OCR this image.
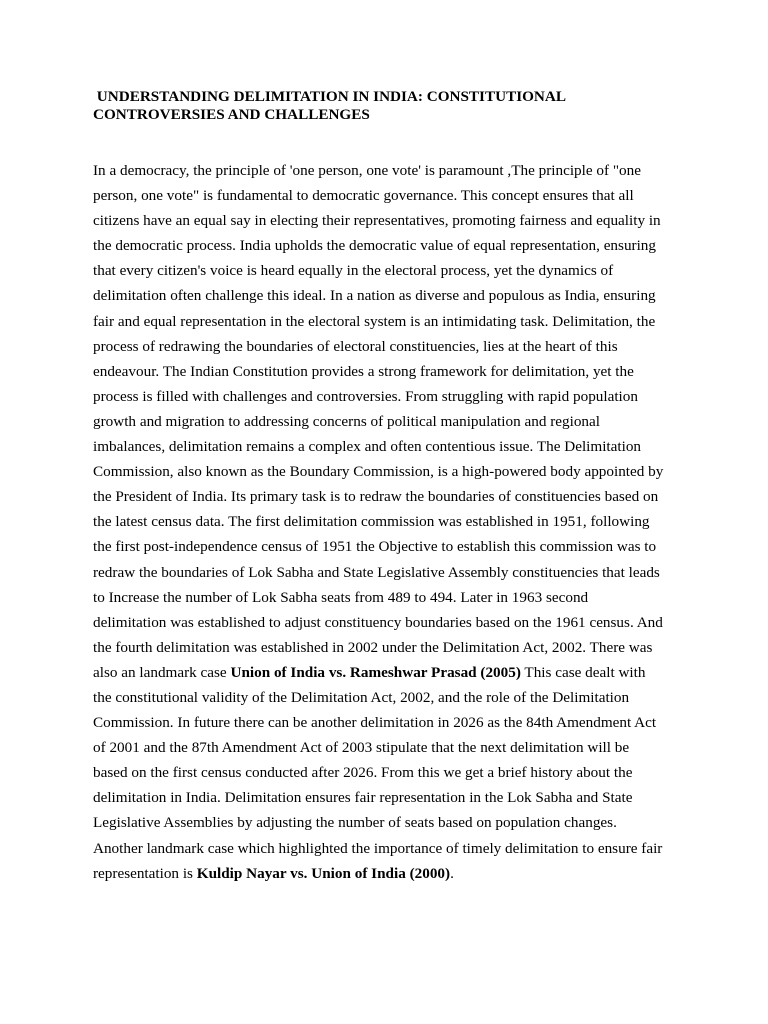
UNDERSTANDING DELIMITATION IN INDIA: CONSTITUTIONAL
CONTROVERSIES AND CHALLENGES

In a democracy, the principle of 'one person, one vote' is paramount ,The principle of "one
person, one vote" is fundamental to democratic governance. This concept ensures that all
citizens have an equal say in electing their representatives, promoting fairness and equality in
the democratic process. India upholds the democratic value of equal representation, ensuring
that every citizen's voice is heard equally in the electoral process, yet the dynamics of
delimitation often challenge this ideal. In a nation as diverse and populous as India, ensuring
fair and equal representation in the electoral system is an intimidating task. Delimitation, the
process of redrawing the boundaries of electoral constituencies, lies at the heart of this
endeavour. The Indian Constitution provides a strong framework for delimitation, yet the
process is filled with challenges and controversies. From struggling with rapid population
growth and migration to addressing concerns of political manipulation and regional
imbalances, delimitation remains a complex and often contentious issue. The Delimitation
Commission, also known as the Boundary Commission, is a high-powered body appointed by
the President of India. Its primary task is to redraw the boundaries of constituencies based on
the latest census data. The first delimitation commission was established in 1951, following
the first post-independence census of 1951 the Objective to establish this commission was to
redraw the boundaries of Lok Sabha and State Legislative Assembly constituencies that leads
to Increase the number of Lok Sabha seats from 489 to 494. Later in 1963 second
delimitation was established to adjust constituency boundaries based on the 1961 census. And
the fourth delimitation was established in 2002 under the Delimitation Act, 2002. There was
also an landmark case Union of India vs. Rameshwar Prasad (2005) This case dealt with
the constitutional validity of the Delimitation Act, 2002, and the role of the Delimitation
Commission. In future there can be another delimitation in 2026 as the 84th Amendment Act
of 2001 and the 87th Amendment Act of 2003 stipulate that the next delimitation will be
based on the first census conducted after 2026. From this we get a brief history about the
delimitation in India. Delimitation ensures fair representation in the Lok Sabha and State
Legislative Assemblies by adjusting the number of seats based on population changes.
Another landmark case which highlighted the importance of timely delimitation to ensure fair
representation is Kuldip Nayar vs. Union of India (2000).
